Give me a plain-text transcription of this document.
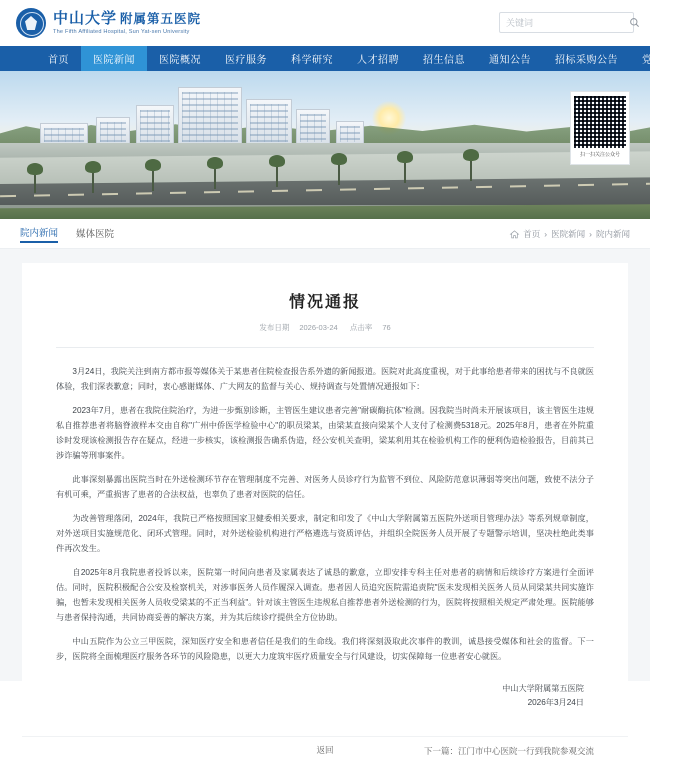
中山大学 附属第五医院
The Fifth Affiliated Hospital, Sun Yat-sen University
关键词
首页	医院新闻	医院概况	医疗服务	科学研究	人才招聘	招生信息	通知公告	招标采购公告	党建工作
扫一扫关注公众号
院内新闻 媒体医院	首页 › 医院新闻 › 院内新闻
情况通报
发布日期 2026-03-24 点击率 76

3月24日，我院关注到南方都市报等媒体关于某患者住院检查报告系外遗的新闻报道。医院对此高度重视，对于此事给患者带来的困扰与不良就医体验，我们深表歉意；同时，衷心感谢媒体、广大网友的监督与关心、规持调查与处置情况通报如下：

2023年7月，患者在我院住院治疗，为进一步甄别诊断，主管医生建议患者完善"耐碳酶抗体"检测。因我院当时尚未开展该项目，该主管医生违规私自推荐患者将脑脊液样本交由自称"广州中侨医学检验中心"的职员梁某，由梁某直接向梁某个人支付了检测费5318元。2025年8月，患者在外院重诊时发现该检测报告存在疑点，经进一步核实，该检测报告确系伪造，经公安机关查明，梁某利用其在检验机构工作的便利伪造检验报告，目前其已涉诈骗等刑事案件。

此事深刻暴露出医院当时在外送检测环节存在管理制度不完善、对医务人员诊疗行为监管不到位、风险防范意识薄弱等突出问题，致使不法分子有机可乘，严重损害了患者的合法权益，也辜负了患者对医院的信任。

为改善管理落闭，2024年，我院已严格按照国家卫健委相关要求，制定和印发了《中山大学附属第五医院外送项目管理办法》等系列规章制度，对外送项目实施规范化、闭环式管理。同时，对外送检验机构进行严格遴选与资质评估，并组织全院医务人员开展了专题警示培训，坚决杜绝此类事件再次发生。

自2025年8月我院患者投诉以来，医院第一时间向患者及家属表达了诚恳的歉意，立即安排专科主任对患者的病情和后续诊疗方案进行全面评估。同时，医院积极配合公安及检察机关，对涉事医务人员作履深入调查。患者因人员追究医院需追责院"医未发现相关医务人员从同梁某共同实施诈骗，也暂未发现相关医务人员收受梁某的不正当利益"。针对该主管医生违规私自推荐患者外送检测的行为，医院将按照相关规定严肃处理。医院能够与患者保持沟通，共同协商妥善的解决方案，并为其后续诊疗提供全方位协助。

中山五院作为公立三甲医院，深知医疗安全和患者信任是我们的生命线。我们将深刻汲取此次事件的教训，诚恳接受媒体和社会的监督。下一步，医院将全面梳理医疗服务各环节的风险隐患，以更大力度筑牢医疗质量安全与行风建设，切实保障每一位患者安心就医。

中山大学附属第五医院
2026年3月24日
返回	下一篇：江门市中心医院一行到我院参观交流
